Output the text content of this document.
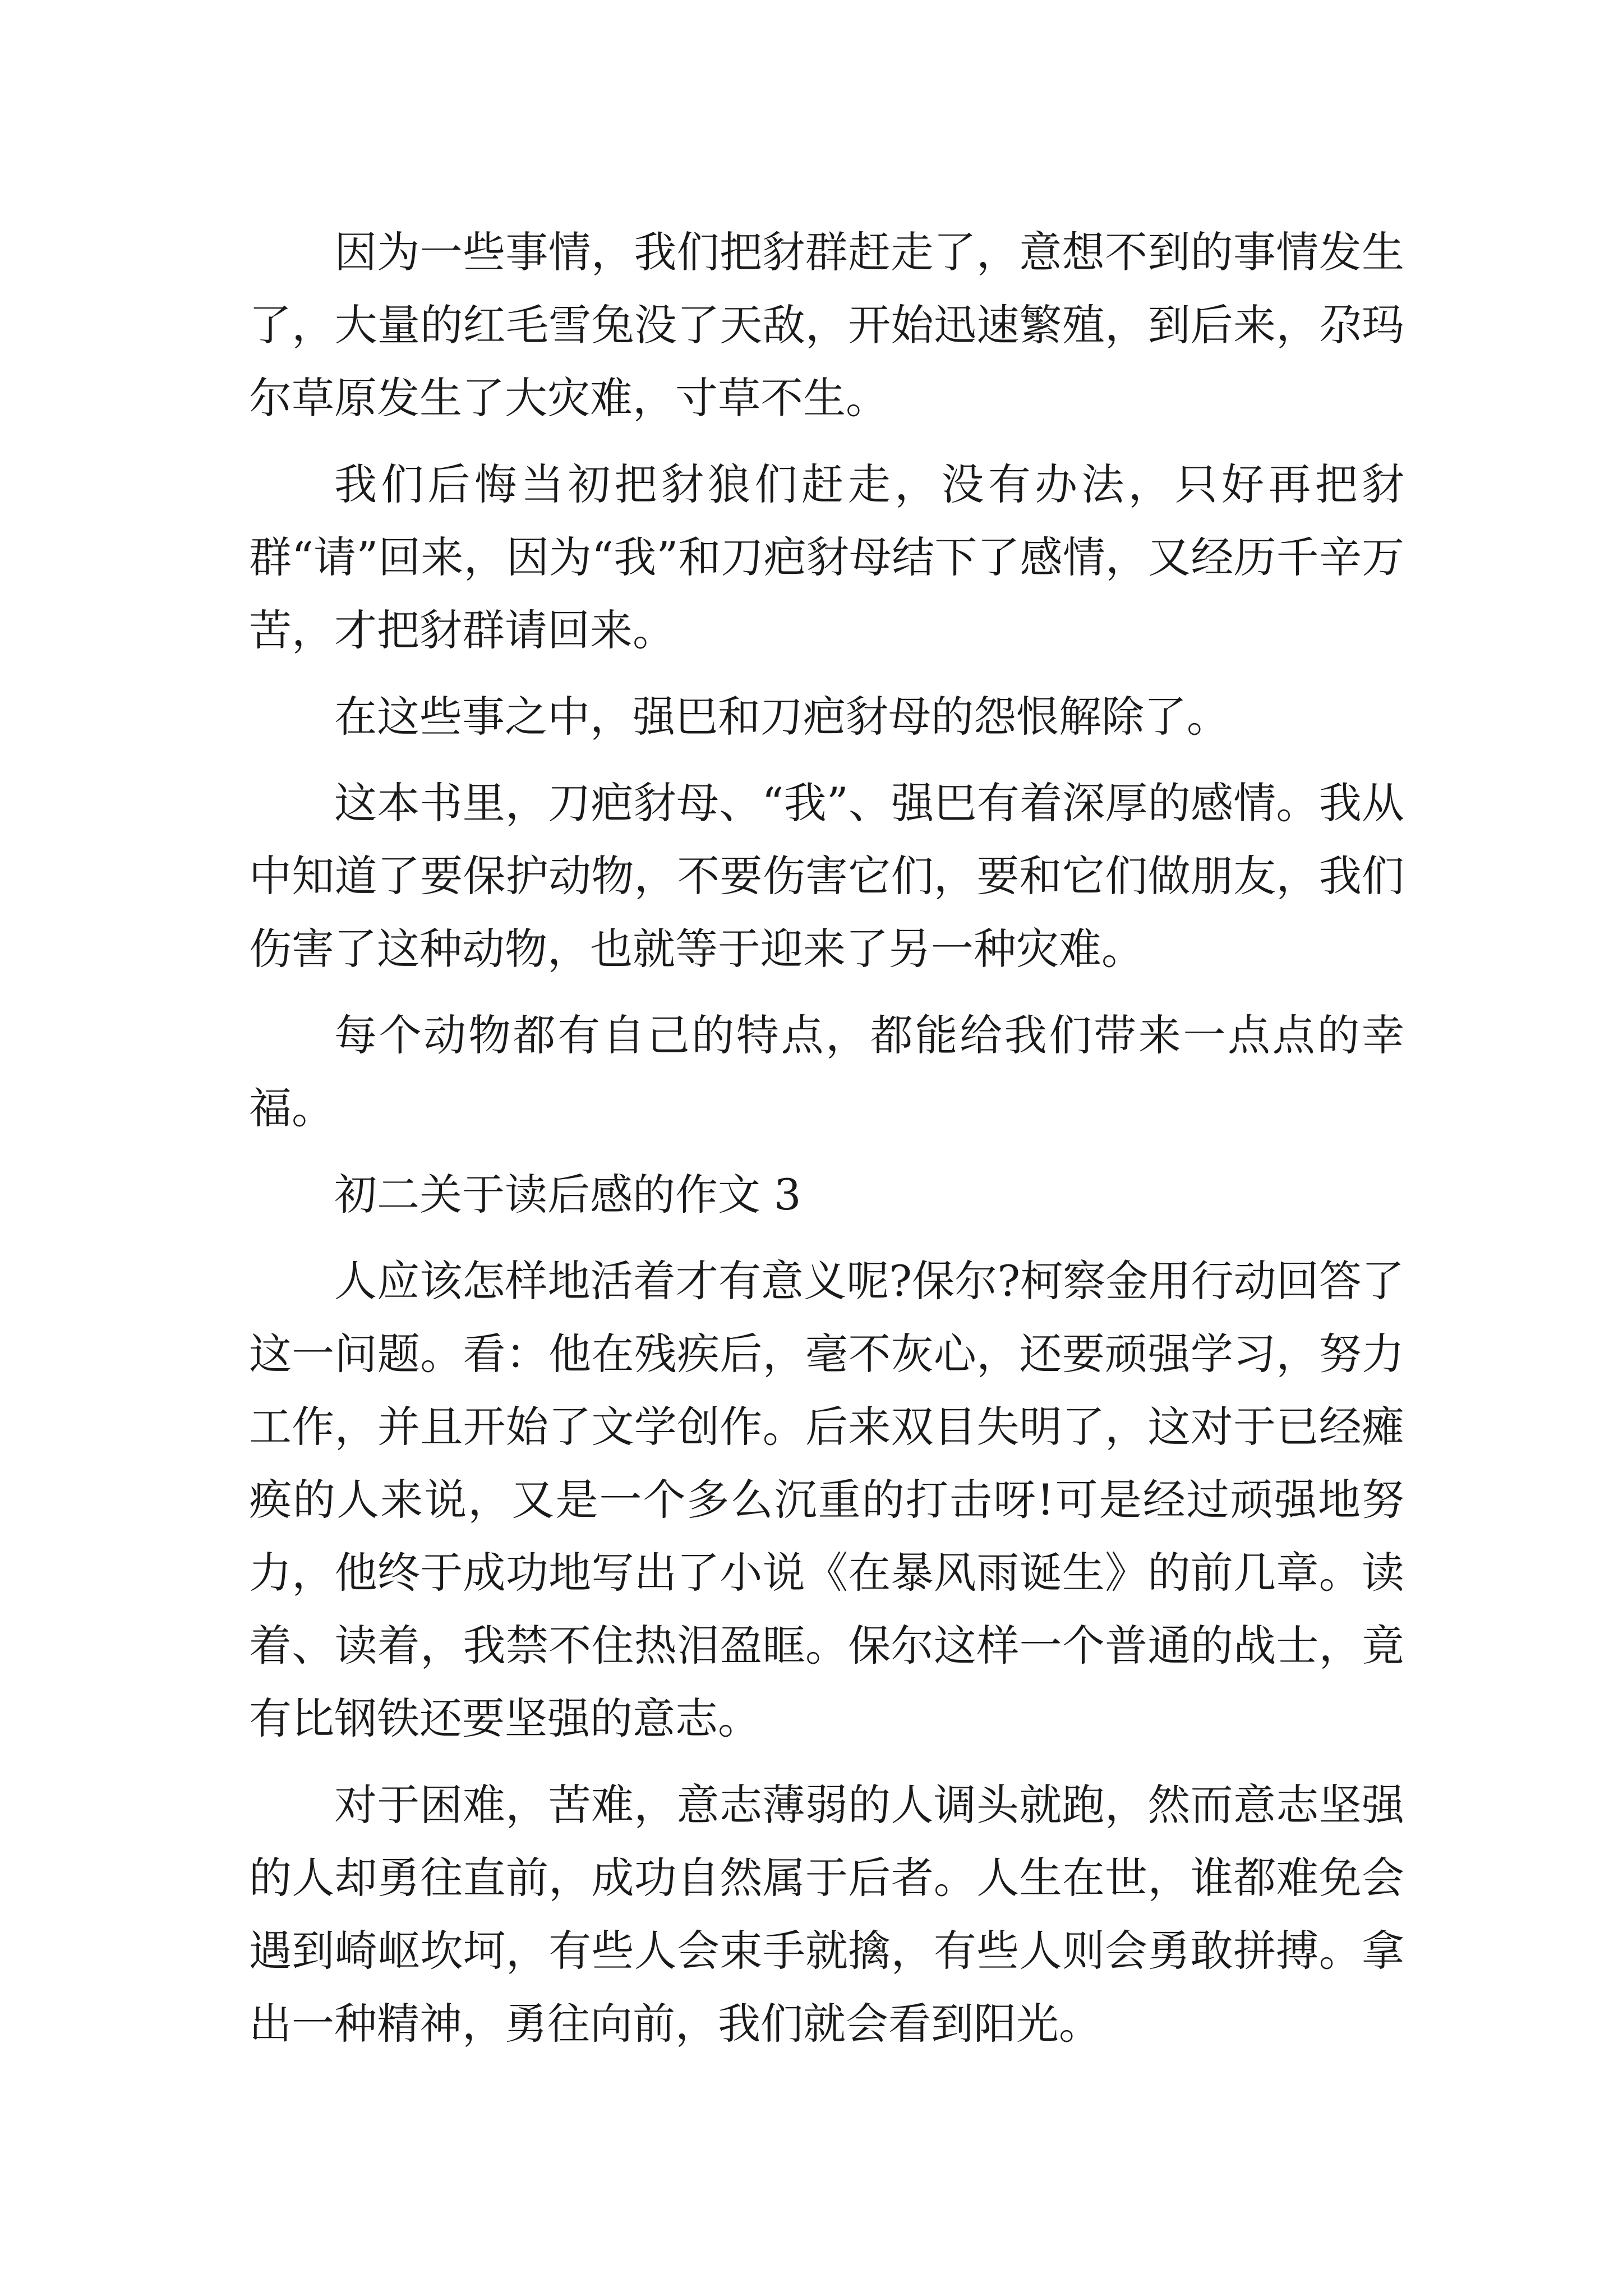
因为一些事情，我们把豺群赶走了，意想不到的事情发生了，大量的红毛雪兔没了天敌，开始迅速繁殖，到后来，尕玛尔草原发生了大灾难，寸草不生。

我们后悔当初把豺狼们赶走，没有办法，只好再把豺群“请”回来，因为“我”和刀疤豺母结下了感情，又经历千辛万苦，才把豺群请回来。

在这些事之中，强巴和刀疤豺母的怨恨解除了。

这本书里，刀疤豺母、“我”、强巴有着深厚的感情。我从中知道了要保护动物，不要伤害它们，要和它们做朋友，我们伤害了这种动物，也就等于迎来了另一种灾难。

每个动物都有自己的特点，都能给我们带来一点点的幸福。

初二关于读后感的作文 3

人应该怎样地活着才有意义呢?保尔?柯察金用行动回答了这一问题。看：他在残疾后，毫不灰心，还要顽强学习，努力工作，并且开始了文学创作。后来双目失明了，这对于已经瘫痪的人来说，又是一个多么沉重的打击呀!可是经过顽强地努力，他终于成功地写出了小说《在暴风雨诞生》的前几章。读着、读着，我禁不住热泪盈眶。保尔这样一个普通的战士，竟有比钢铁还要坚强的意志。

对于困难，苦难，意志薄弱的人调头就跑，然而意志坚强的人却勇往直前，成功自然属于后者。人生在世，谁都难免会遇到崎岖坎坷，有些人会束手就擒，有些人则会勇敢拼搏。拿出一种精神，勇往向前，我们就会看到阳光。
